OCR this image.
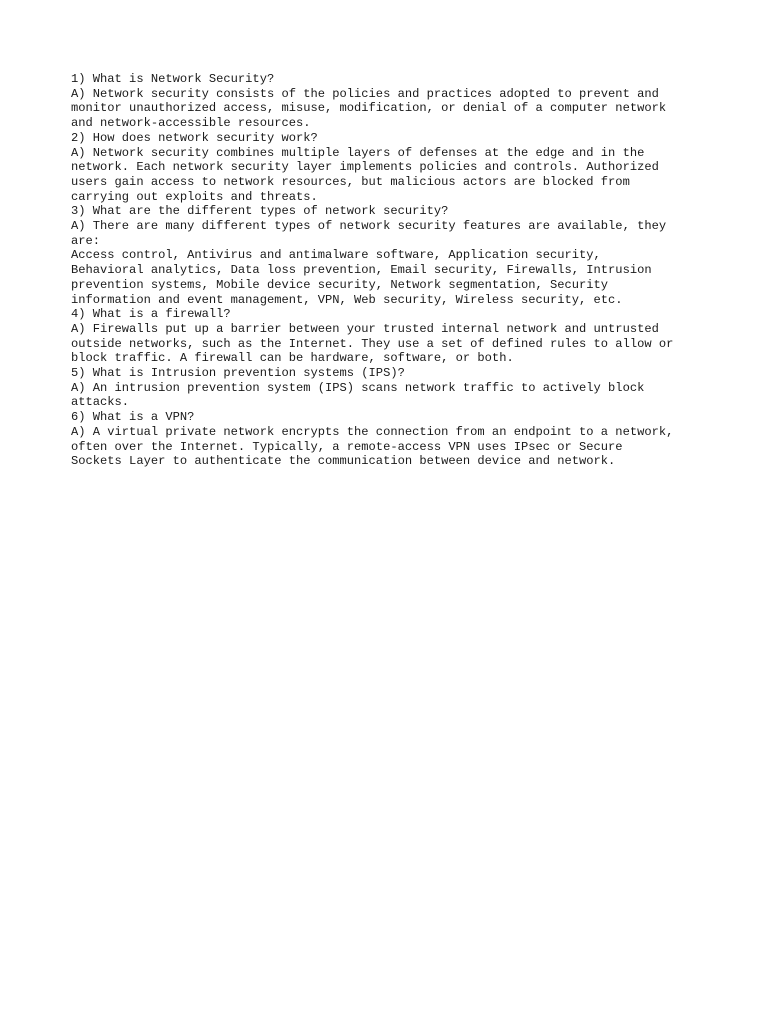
1) What is Network Security?
A) Network security consists of the policies and practices adopted to prevent and
monitor unauthorized access, misuse, modification, or denial of a computer network
and network-accessible resources.
2) How does network security work?
A) Network security combines multiple layers of defenses at the edge and in the
network. Each network security layer implements policies and controls. Authorized
users gain access to network resources, but malicious actors are blocked from
carrying out exploits and threats.
3) What are the different types of network security?
A) There are many different types of network security features are available, they
are:
Access control, Antivirus and antimalware software, Application security,
Behavioral analytics, Data loss prevention, Email security, Firewalls, Intrusion
prevention systems, Mobile device security, Network segmentation, Security
information and event management, VPN, Web security, Wireless security, etc.
4) What is a firewall?
A) Firewalls put up a barrier between your trusted internal network and untrusted
outside networks, such as the Internet. They use a set of defined rules to allow or
block traffic. A firewall can be hardware, software, or both.
5) What is Intrusion prevention systems (IPS)?
A) An intrusion prevention system (IPS) scans network traffic to actively block
attacks.
6) What is a VPN?
A) A virtual private network encrypts the connection from an endpoint to a network,
often over the Internet. Typically, a remote-access VPN uses IPsec or Secure
Sockets Layer to authenticate the communication between device and network.
